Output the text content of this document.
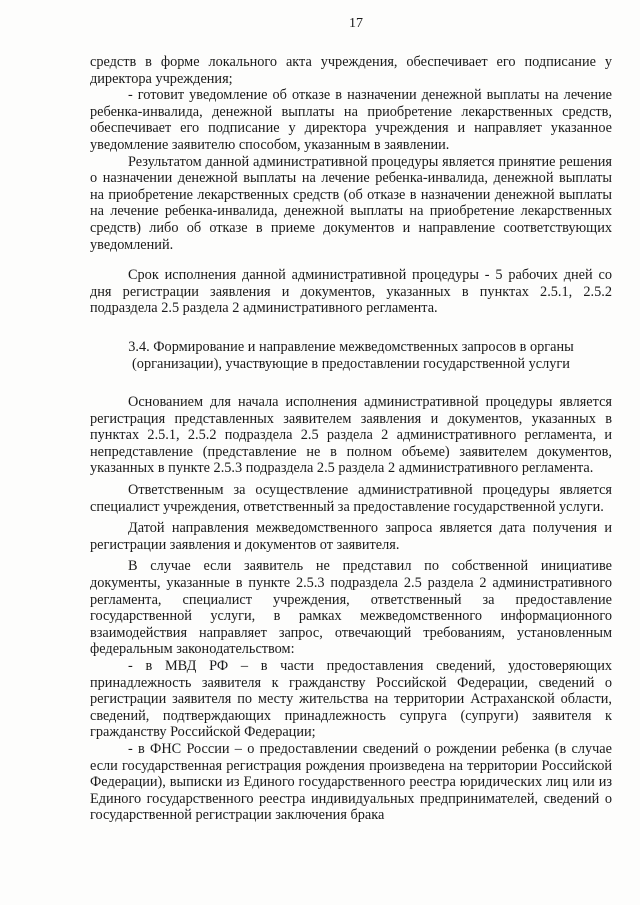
17

средств в форме локального акта учреждения, обеспечивает его подписание у директора учреждения;

- готовит уведомление об отказе в назначении денежной выплаты на лечение ребенка-инвалида, денежной выплаты на приобретение лекарственных средств, обеспечивает его подписание у директора учреждения и направляет указанное уведомление заявителю способом, указанным в заявлении.

Результатом данной административной процедуры является принятие решения о назначении денежной выплаты на лечение ребенка-инвалида, денежной выплаты на приобретение лекарственных средств (об отказе в назначении денежной выплаты на лечение ребенка-инвалида, денежной выплаты на приобретение лекарственных средств) либо об отказе в приеме документов и направление соответствующих уведомлений.

Срок исполнения данной административной процедуры - 5 рабочих дней со дня регистрации заявления и документов, указанных в пунктах 2.5.1, 2.5.2 подраздела 2.5 раздела 2 административного регламента.

3.4. Формирование и направление межведомственных запросов в органы (организации), участвующие в предоставлении государственной услуги

Основанием для начала исполнения административной процедуры является регистрация представленных заявителем заявления и документов, указанных в пунктах 2.5.1, 2.5.2 подраздела 2.5 раздела 2 административного регламента, и непредставление (представление не в полном объеме) заявителем документов, указанных в пункте 2.5.3 подраздела 2.5 раздела 2 административного регламента.

Ответственным за осуществление административной процедуры является специалист учреждения, ответственный за предоставление государственной услуги.

Датой направления межведомственного запроса является дата получения и регистрации заявления и документов от заявителя.

В случае если заявитель не представил по собственной инициативе документы, указанные в пункте 2.5.3 подраздела 2.5 раздела 2 административного регламента, специалист учреждения, ответственный за предоставление государственной услуги, в рамках межведомственного информационного взаимодействия направляет запрос, отвечающий требованиям, установленным федеральным законодательством:

- в МВД РФ – в части предоставления сведений, удостоверяющих принадлежность заявителя к гражданству Российской Федерации, сведений о регистрации заявителя по месту жительства на территории Астраханской области, сведений, подтверждающих принадлежность супруга (супруги) заявителя к гражданству Российской Федерации;

- в ФНС России – о предоставлении сведений о рождении ребенка (в случае если государственная регистрация рождения произведена на территории Российской Федерации), выписки из Единого государственного реестра юридических лиц или из Единого государственного реестра индивидуальных предпринимателей, сведений о государственной регистрации заключения брака
